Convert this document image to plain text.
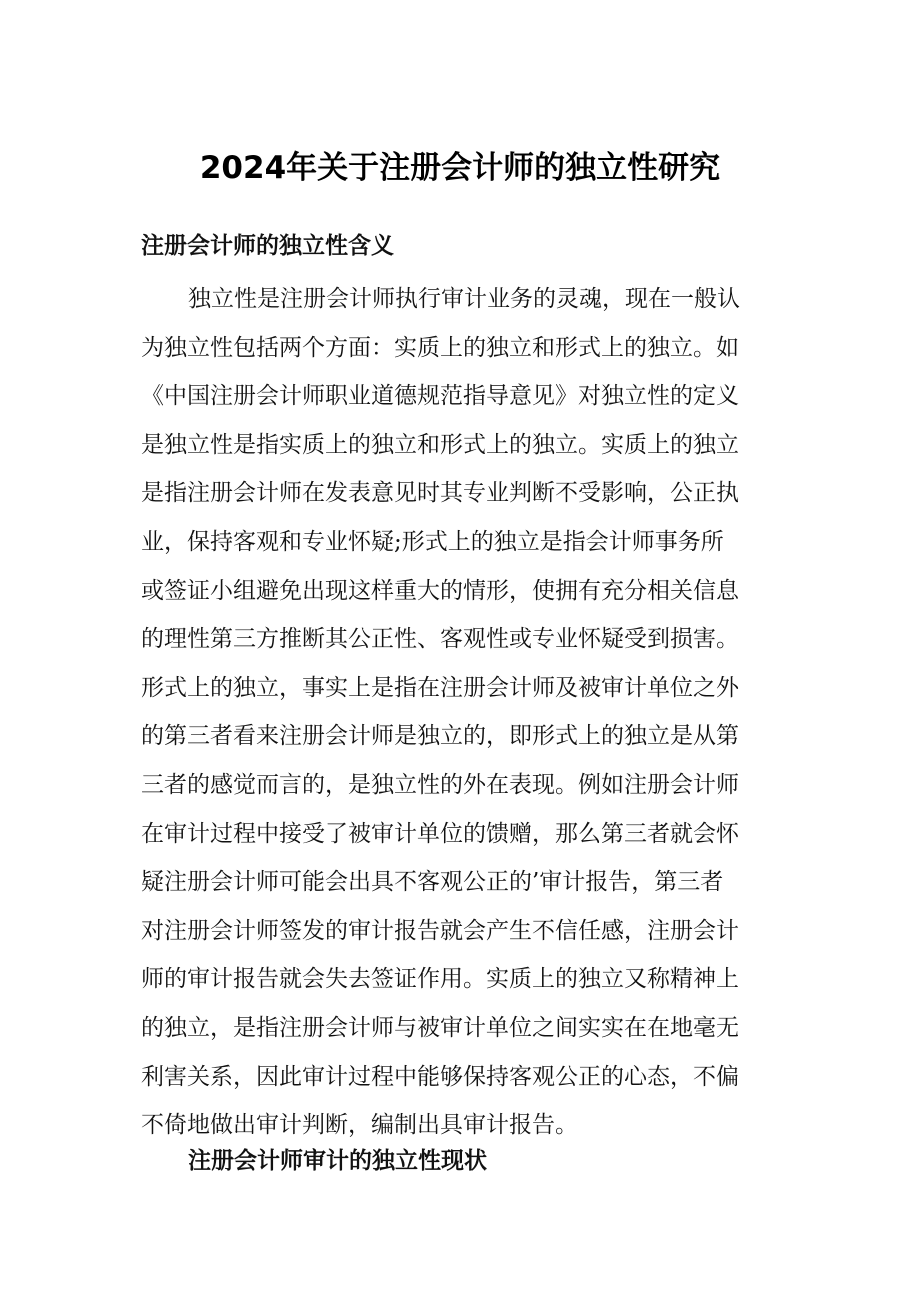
2024年关于注册会计师的独立性研究
注册会计师的独立性含义
独立性是注册会计师执行审计业务的灵魂，现在一般认
为独立性包括两个方面：实质上的独立和形式上的独立。如
《中国注册会计师职业道德规范指导意见》对独立性的定义
是独立性是指实质上的独立和形式上的独立。实质上的独立
是指注册会计师在发表意见时其专业判断不受影响，公正执
业，保持客观和专业怀疑;形式上的独立是指会计师事务所
或签证小组避免出现这样重大的情形，使拥有充分相关信息
的理性第三方推断其公正性、客观性或专业怀疑受到损害。
形式上的独立，事实上是指在注册会计师及被审计单位之外
的第三者看来注册会计师是独立的，即形式上的独立是从第
三者的感觉而言的，是独立性的外在表现。例如注册会计师
在审计过程中接受了被审计单位的馈赠，那么第三者就会怀
疑注册会计师可能会出具不客观公正的’审计报告，第三者
对注册会计师签发的审计报告就会产生不信任感，注册会计
师的审计报告就会失去签证作用。实质上的独立又称精神上
的独立，是指注册会计师与被审计单位之间实实在在地毫无
利害关系，因此审计过程中能够保持客观公正的心态，不偏
不倚地做出审计判断，编制出具审计报告。
注册会计师审计的独立性现状
